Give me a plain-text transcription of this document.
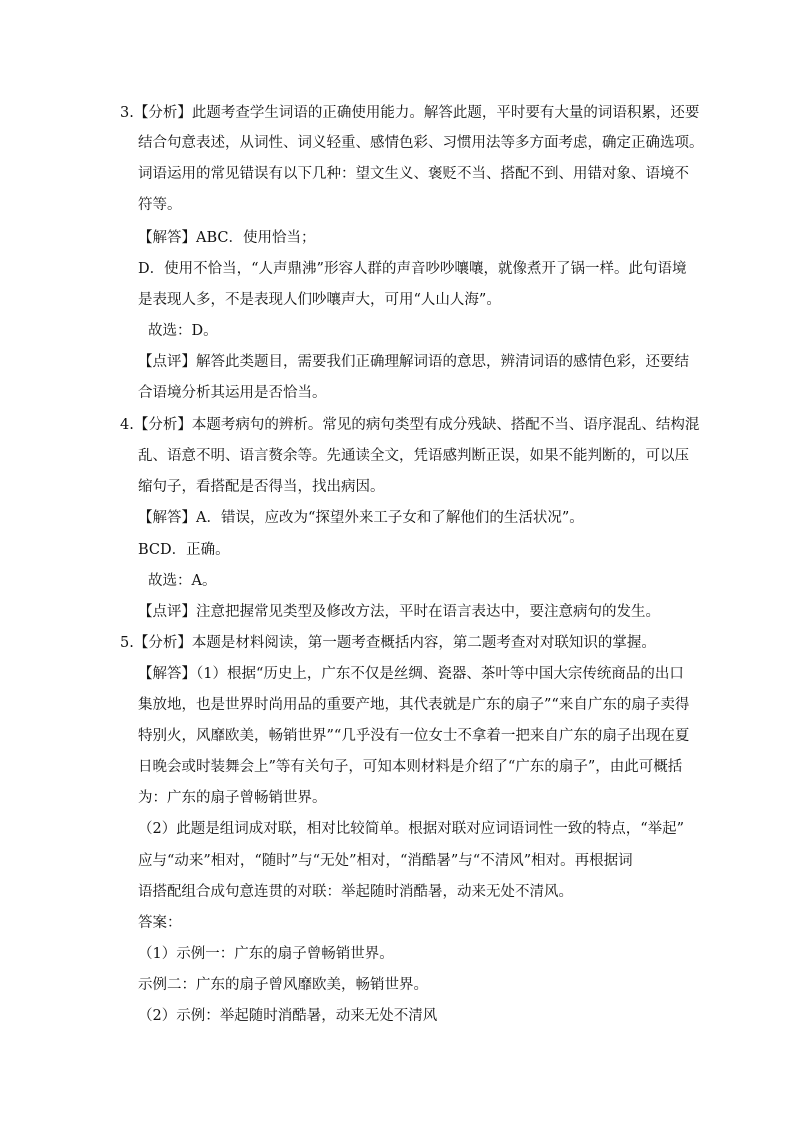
3.【分析】此题考查学生词语的正确使用能力。解答此题，平时要有大量的词语积累，还要
结合句意表述，从词性、词义轻重、感情色彩、习惯用法等多方面考虑，确定正确选项。
词语运用的常见错误有以下几种：望文生义、褒贬不当、搭配不到、用错对象、语境不
符等。
【解答】ABC．使用恰当；
D．使用不恰当，“人声鼎沸”形容人群的声音吵吵嚷嚷，就像煮开了锅一样。此句语境
是表现人多，不是表现人们吵嚷声大，可用“人山人海”。
故选：D。
【点评】解答此类题目，需要我们正确理解词语的意思，辨清词语的感情色彩，还要结
合语境分析其运用是否恰当。
4.【分析】本题考病句的辨析。常见的病句类型有成分残缺、搭配不当、语序混乱、结构混
乱、语意不明、语言赘余等。先通读全文，凭语感判断正误，如果不能判断的，可以压
缩句子，看搭配是否得当，找出病因。
【解答】A．错误，应改为“探望外来工子女和了解他们的生活状况”。
BCD．正确。
故选：A。
【点评】注意把握常见类型及修改方法，平时在语言表达中，要注意病句的发生。
5.【分析】本题是材料阅读，第一题考查概括内容，第二题考查对对联知识的掌握。
【解答】（1）根据“历史上，广东不仅是丝绸、瓷器、茶叶等中国大宗传统商品的出口
集放地，也是世界时尚用品的重要产地，其代表就是广东的扇子”“来自广东的扇子卖得
特别火，风靡欧美，畅销世界”“几乎没有一位女士不拿着一把来自广东的扇子出现在夏
日晚会或时装舞会上”等有关句子，可知本则材料是介绍了“广东的扇子”，由此可概括
为：广东的扇子曾畅销世界。
（2）此题是组词成对联，相对比较简单。根据对联对应词语词性一致的特点，“举起”
应与“动来”相对，“随时”与“无处”相对，“消酷暑”与“不清风”相对。再根据词
语搭配组合成句意连贯的对联：举起随时消酷暑，动来无处不清风。
答案：
（1）示例一：广东的扇子曾畅销世界。
示例二：广东的扇子曾风靡欧美，畅销世界。
（2）示例：举起随时消酷暑，动来无处不清风
